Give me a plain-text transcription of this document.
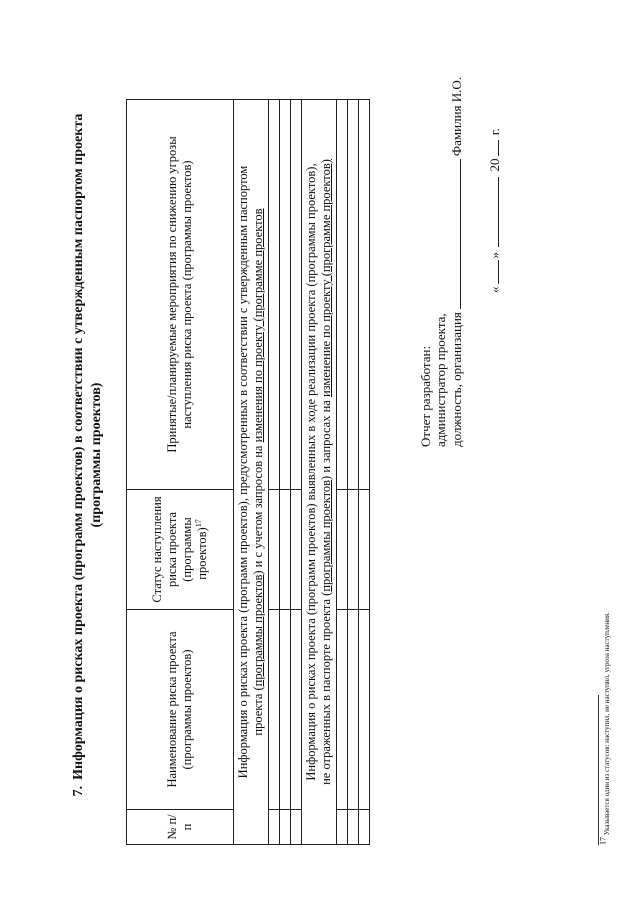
7.Информация о рисках проекта (программ проектов) в соответствии с утвержденным паспортом проекта (программы проектов)
№ п/п	Наименование риска проекта (программы проектов)	Статус наступления риска проекта (программы проектов)$^{17}$	Принятые/планируемые мероприятия по снижению угрозы наступления риска проекта (программы проектов)
Информация о рисках проекта (программ проектов), предусмотренных в соответствии с утвержденным паспортом
проекта (программы проектов) и с учетом запросов на изменения по проекту (программе проектов			

Информация о рисках проекта (программ проектов) выявленных в ходе реализации проекта (программы проектов),
не отраженных в паспорте проекта (программы проектов) и запросах на изменение по проекту (программе проектов)			

				Отчет разработан: администратор проекта, должность, организация
Фамилия И.О.
«»  20 г.
$^{17}$ Указывается один из статусов: наступил, не наступил, угроза наступления.
